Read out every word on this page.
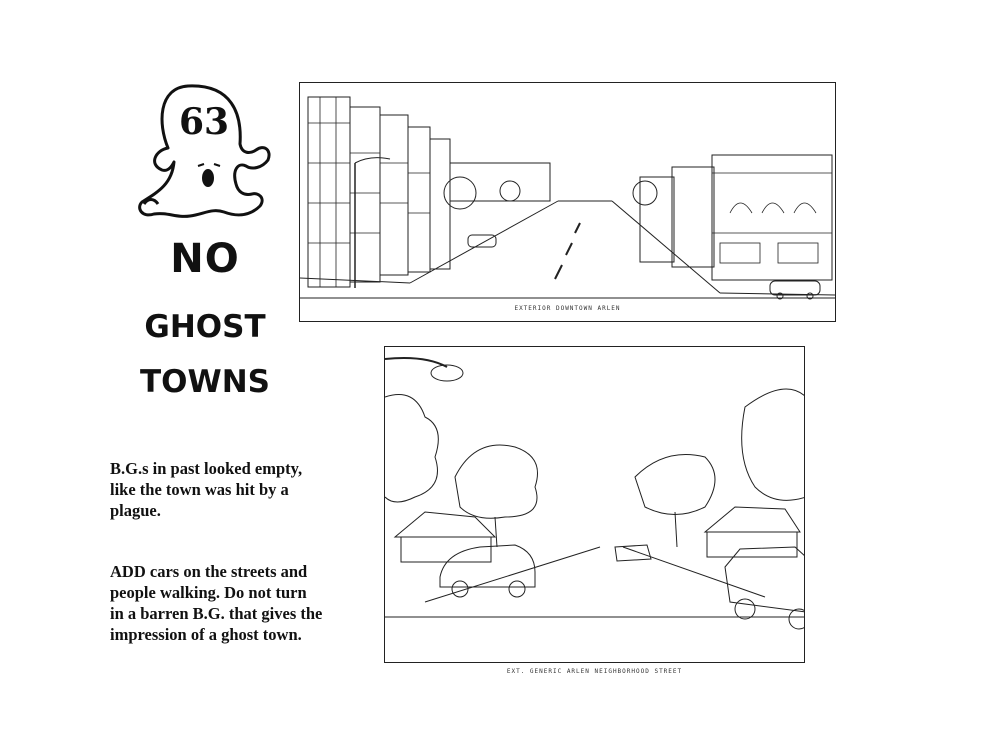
63
NO
GHOST
TOWNS
B.G.s in past looked empty,
like the town was hit by a
plague.
ADD cars on the streets and
people walking. Do not turn
in a barren B.G. that gives the
impression of a ghost town.
EXTERIOR DOWNTOWN ARLEN
EXT. GENERIC ARLEN NEIGHBORHOOD STREET
